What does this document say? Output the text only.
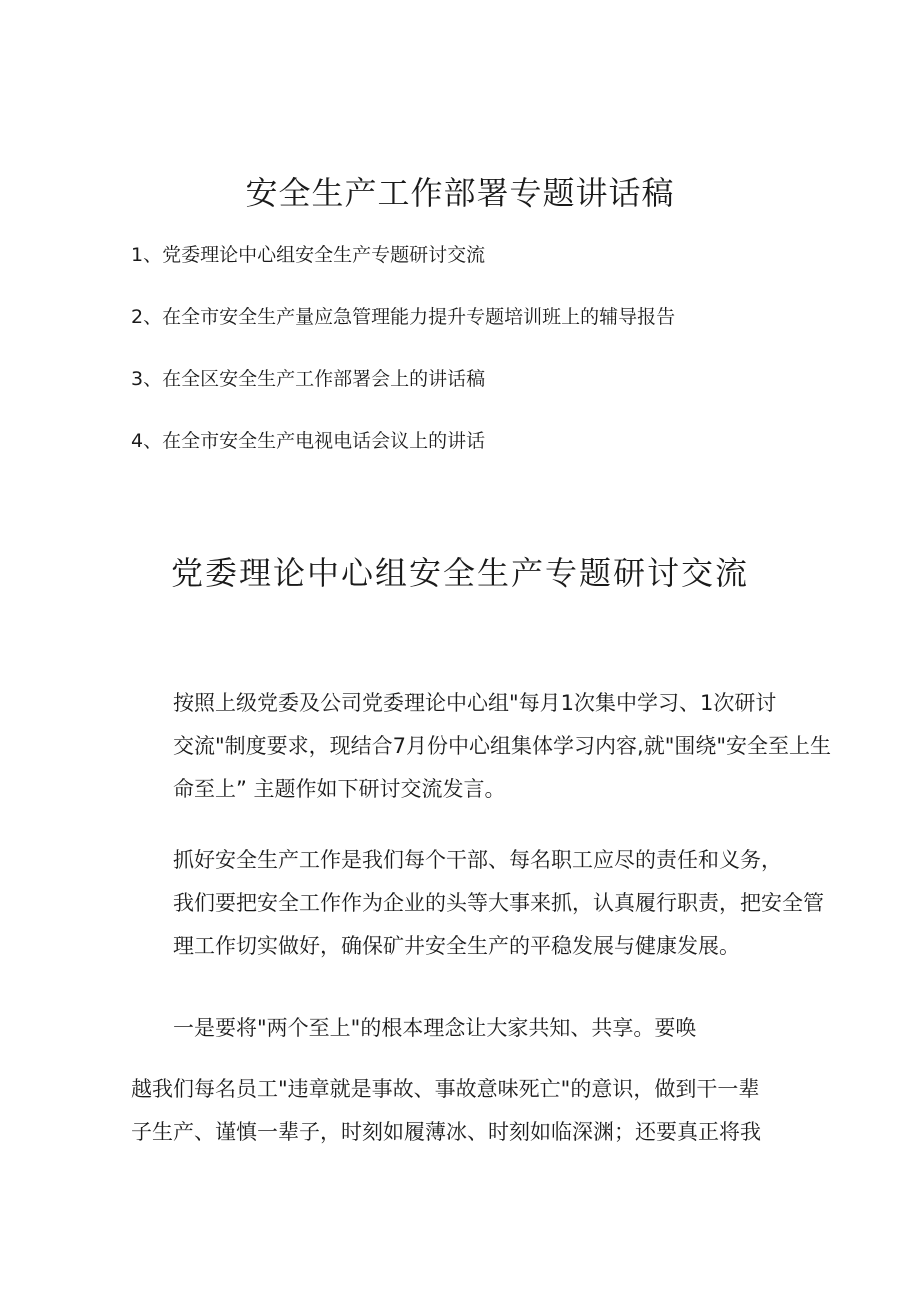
安全生产工作部署专题讲话稿
1、党委理论中心组安全生产专题研讨交流
2、在全市安全生产量应急管理能力提升专题培训班上的辅导报告
3、在全区安全生产工作部署会上的讲话稿
4、在全市安全生产电视电话会议上的讲话
党委理论中心组安全生产专题研讨交流

按照上级党委及公司党委理论中心组"每月1次集中学习、1次研讨
交流"制度要求，现结合7月份中心组集体学习内容,就"围绕"安全至上生
命至上” 主题作如下研讨交流发言。

抓好安全生产工作是我们每个干部、每名职工应尽的责任和义务，
我们要把安全工作作为企业的头等大事来抓，认真履行职责，把安全管
理工作切实做好，确保矿井安全生产的平稳发展与健康发展。

一是要将"两个至上"的根本理念让大家共知、共享。要唤

越我们每名员工"违章就是事故、事故意味死亡"的意识，做到干一辈
子生产、谨慎一辈子，时刻如履薄冰、时刻如临深渊；还要真正将我
